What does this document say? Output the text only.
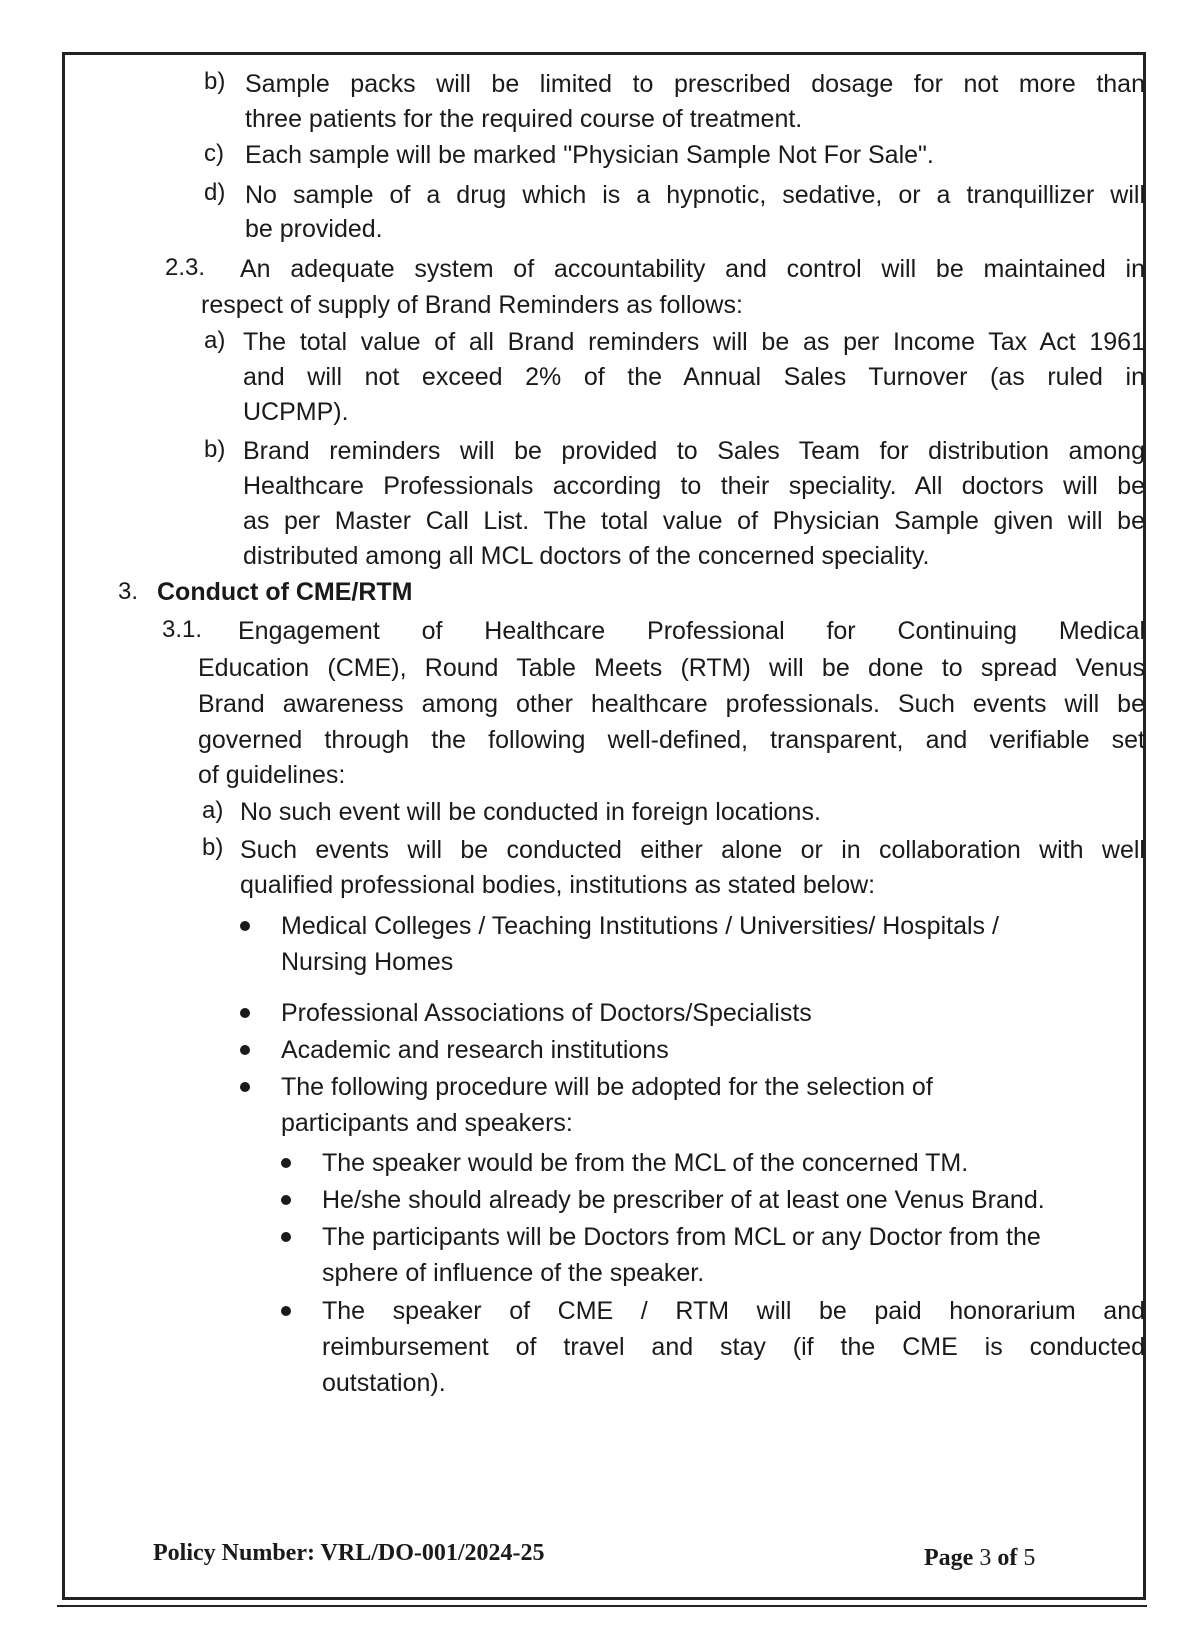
b) Sample packs will be limited to prescribed dosage for not more than
three patients for the required course of treatment.
c) Each sample will be marked "Physician Sample Not For Sale".
d) No sample of a drug which is a hypnotic, sedative, or a tranquillizer will
be provided.
2.3. An adequate system of accountability and control will be maintained in
respect of supply of Brand Reminders as follows:
a) The total value of all Brand reminders will be as per Income Tax Act 1961
and will not exceed 2% of the Annual Sales Turnover (as ruled in
UCPMP).
b) Brand reminders will be provided to Sales Team for distribution among
Healthcare Professionals according to their speciality. All doctors will be
as per Master Call List. The total value of Physician Sample given will be
distributed among all MCL doctors of the concerned speciality.
3. Conduct of CME/RTM
3.1. Engagement of Healthcare Professional for Continuing Medical
Education (CME), Round Table Meets (RTM) will be done to spread Venus
Brand awareness among other healthcare professionals. Such events will be
governed through the following well-defined, transparent, and verifiable set
of guidelines:
a) No such event will be conducted in foreign locations.
b) Such events will be conducted either alone or in collaboration with well
qualified professional bodies, institutions as stated below:
Medical Colleges / Teaching Institutions / Universities/ Hospitals /
Nursing Homes
Professional Associations of Doctors/Specialists
Academic and research institutions
The following procedure will be adopted for the selection of
participants and speakers:
The speaker would be from the MCL of the concerned TM.
He/she should already be prescriber of at least one Venus Brand.
The participants will be Doctors from MCL or any Doctor from the
sphere of influence of the speaker.
The speaker of CME / RTM will be paid honorarium and
reimbursement of travel and stay (if the CME is conducted
outstation).
Policy Number: VRL/DO-001/2024-25	Page 3 of 5
